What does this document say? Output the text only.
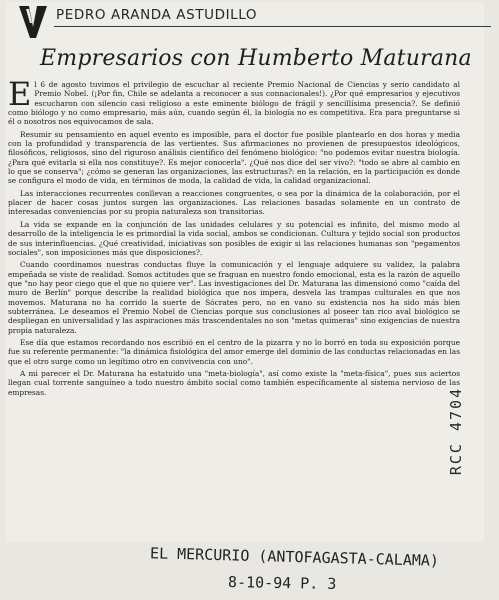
PEDRO ARANDA ASTUDILLO
Empresarios con Humberto Maturana

El 6 de agosto tuvimos el privilegio de escuchar al reciente Premio Nacional de Ciencias y serio candidato al Premio Nobel. (¡Por fin, Chile se adelanta a reconocer a sus connacionales!). ¿Por qué empresarios y ejecutivos escucharon con silencio casi religioso a este eminente biólogo de frágil y sencillísima presencia?. Se definió como biólogo y no como empresario, más aún, cuando según él, la biología no es competitiva. Era para preguntarse si él o nosotros nos equivocamos de sala.

Resumir su pensamiento en aquel evento es imposible, para el doctor fue posible plantearlo en dos horas y media con la profundidad y transparencia de las vertientes. Sus afirmaciones no provienen de presupuestos ideológicos, filosóficos, religiosos, sino del riguroso análisis científico del fenómeno biológico: "no podemos evitar nuestra biología. ¿Para qué evitarla si ella nos constituye?. Es mejor conocerla". ¿Qué nos dice del ser vivo?: "todo se abre al cambio en lo que se conserva"; ¿cómo se generan las organizaciones, las estructuras?: en la relación, en la participación es donde se configura el modo de vida, en términos de moda, la calidad de vida, la calidad organizacional.

Las interacciones recurrentes conllevan a reacciones congruentes, o sea por la dinámica de la colaboración, por el placer de hacer cosas juntos surgen las organizaciones. Las relaciones basadas solamente en un contrato de interesadas conveniencias por su propia naturaleza son transitorias.

La vida se expande en la conjunción de las unidades celulares y su potencial es infinito, del mismo modo al desarrollo de la inteligencia le es primordial la vida social, ambos se condicionan. Cultura y tejido social son productos de sus interinfluencias. ¿Qué creatividad, iniciativas son posibles de exigir si las relaciones humanas son "pegamentos sociales", son imposiciones más que disposiciones?.

Cuando coordinamos nuestras conductas fluye la comunicación y el lenguaje adquiere su validez, la palabra empeñada se viste de realidad. Somos actitudes que se fraguan en nuestro fondo emocional, esta es la razón de aquello que "no hay peor ciego que el que no quiere ver". Las investigaciones del Dr. Maturana las dimensionó como "caída del muro de Berlín" porque describe la realidad biológica que nos impera, desvela las trampas culturales en que nos movemos. Maturana no ha corrido la suerte de Sócrates pero, no en vano su existencia nos ha sido más bien subterránea. Le deseamos el Premio Nobel de Ciencias porque sus conclusiones al poseer tan rico aval biológico se despliegan en universalidad y las aspiraciones más trascendentales no son "metas quimeras" sino exigencias de nuestra propia naturaleza.

Ese día que estamos recordando nos escribió en el centro de la pizarra y no lo borró en toda su exposición porque fue su referente permanente: "la dinámica fisiológica del amor emerge del dominio de las conductas relacionadas en las que el otro surge como un legítimo otro en convivencia con uno".

A mi parecer el Dr. Maturana ha estatuido una "meta-biología", así como existe la "meta-física", pues sus aciertos llegan cual torrente sanguíneo a todo nuestro ámbito social como también específicamente al sistema nervioso de las empresas.	RCC 4704
EL MERCURIO (ANTOFAGASTA-CALAMA)
8-10-94 P. 3
